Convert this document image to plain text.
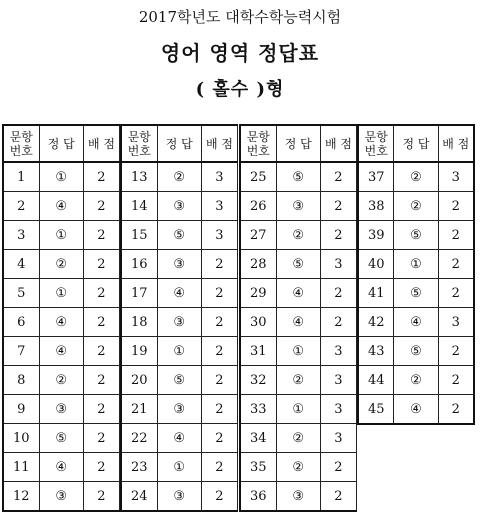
2017학년도 대학수학능력시험
영어 영역 정답표
( 홀수 )형
문항
번호	정 답	배 점
1	①	2
2	④	2
3	①	2
4	②	2
5	①	2
6	④	2
7	④	2
8	②	2
9	③	2
10	⑤	2
11	④	2
12	③	2
문항
번호	정 답	배 점
13	②	3
14	③	3
15	⑤	3
16	③	2
17	④	2
18	③	2
19	①	2
20	⑤	2
21	③	2
22	④	2
23	①	2
24	③	2
문항
번호	정 답	배 점
25	⑤	2
26	③	2
27	②	2
28	⑤	3
29	④	2
30	④	2
31	①	3
32	②	3
33	①	3
34	②	3
35	②	2
36	③	2
문항
번호	정 답	배 점
37	②	3
38	②	2
39	⑤	2
40	①	2
41	⑤	2
42	④	3
43	⑤	2
44	②	2
45	④	2
